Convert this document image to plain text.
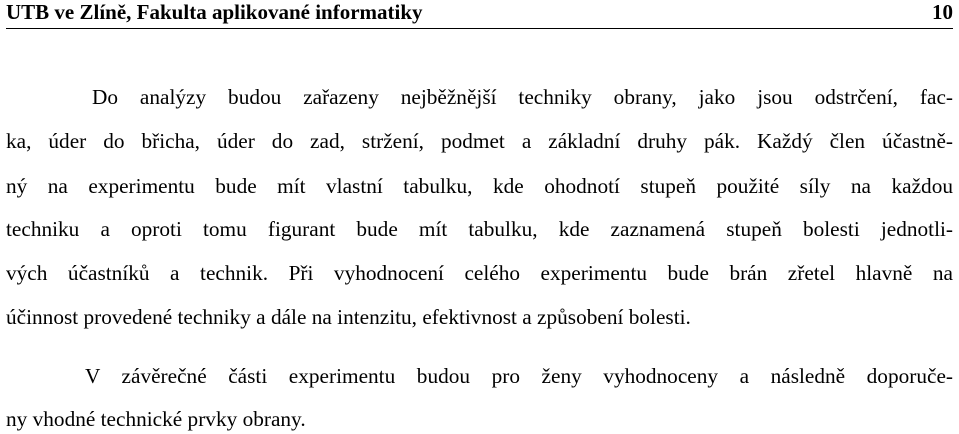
UTB ve Zlíně, Fakulta aplikované informatiky	10
Do analýzy budou zařazeny nejběžnější techniky obrany, jako jsou odstrčení, fac-
ka, úder do břicha, úder do zad, stržení, podmet a základní druhy pák. Každý člen účastně-
ný na experimentu bude mít vlastní tabulku, kde ohodnotí stupeň použité síly na každou
techniku a oproti tomu figurant bude mít tabulku, kde zaznamená stupeň bolesti jednotli-
vých účastníků a technik. Při vyhodnocení celého experimentu bude brán zřetel hlavně na
účinnost provedené techniky a dále na intenzitu, efektivnost a způsobení bolesti.
V závěrečné části experimentu budou pro ženy vyhodnoceny a následně doporuče-
ny vhodné technické prvky obrany.
